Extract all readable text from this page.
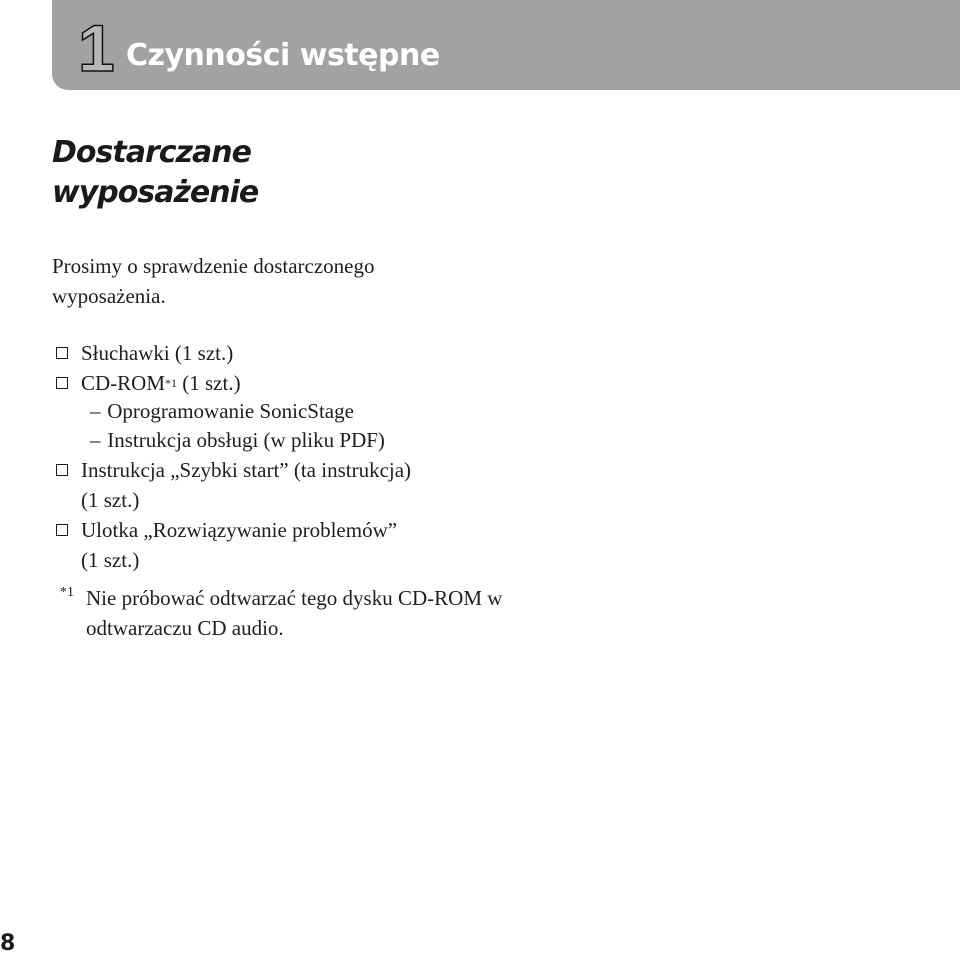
1 Czynności wstępne
Dostarczane
wyposażenie

Prosimy o sprawdzenie dostarczonego wyposażenia.

Słuchawki (1 szt.)
CD-ROM$^{*1}$ (1 szt.)
– Oprogramowanie SonicStage
– Instrukcja obsługi (w pliku PDF)
Instrukcja „Szybki start” (ta instrukcja)
(1 szt.)
Ulotka „Rozwiązywanie problemów”
(1 szt.)
*1 Nie próbować odtwarzać tego dysku CD-ROM w odtwarzaczu CD audio.

8
